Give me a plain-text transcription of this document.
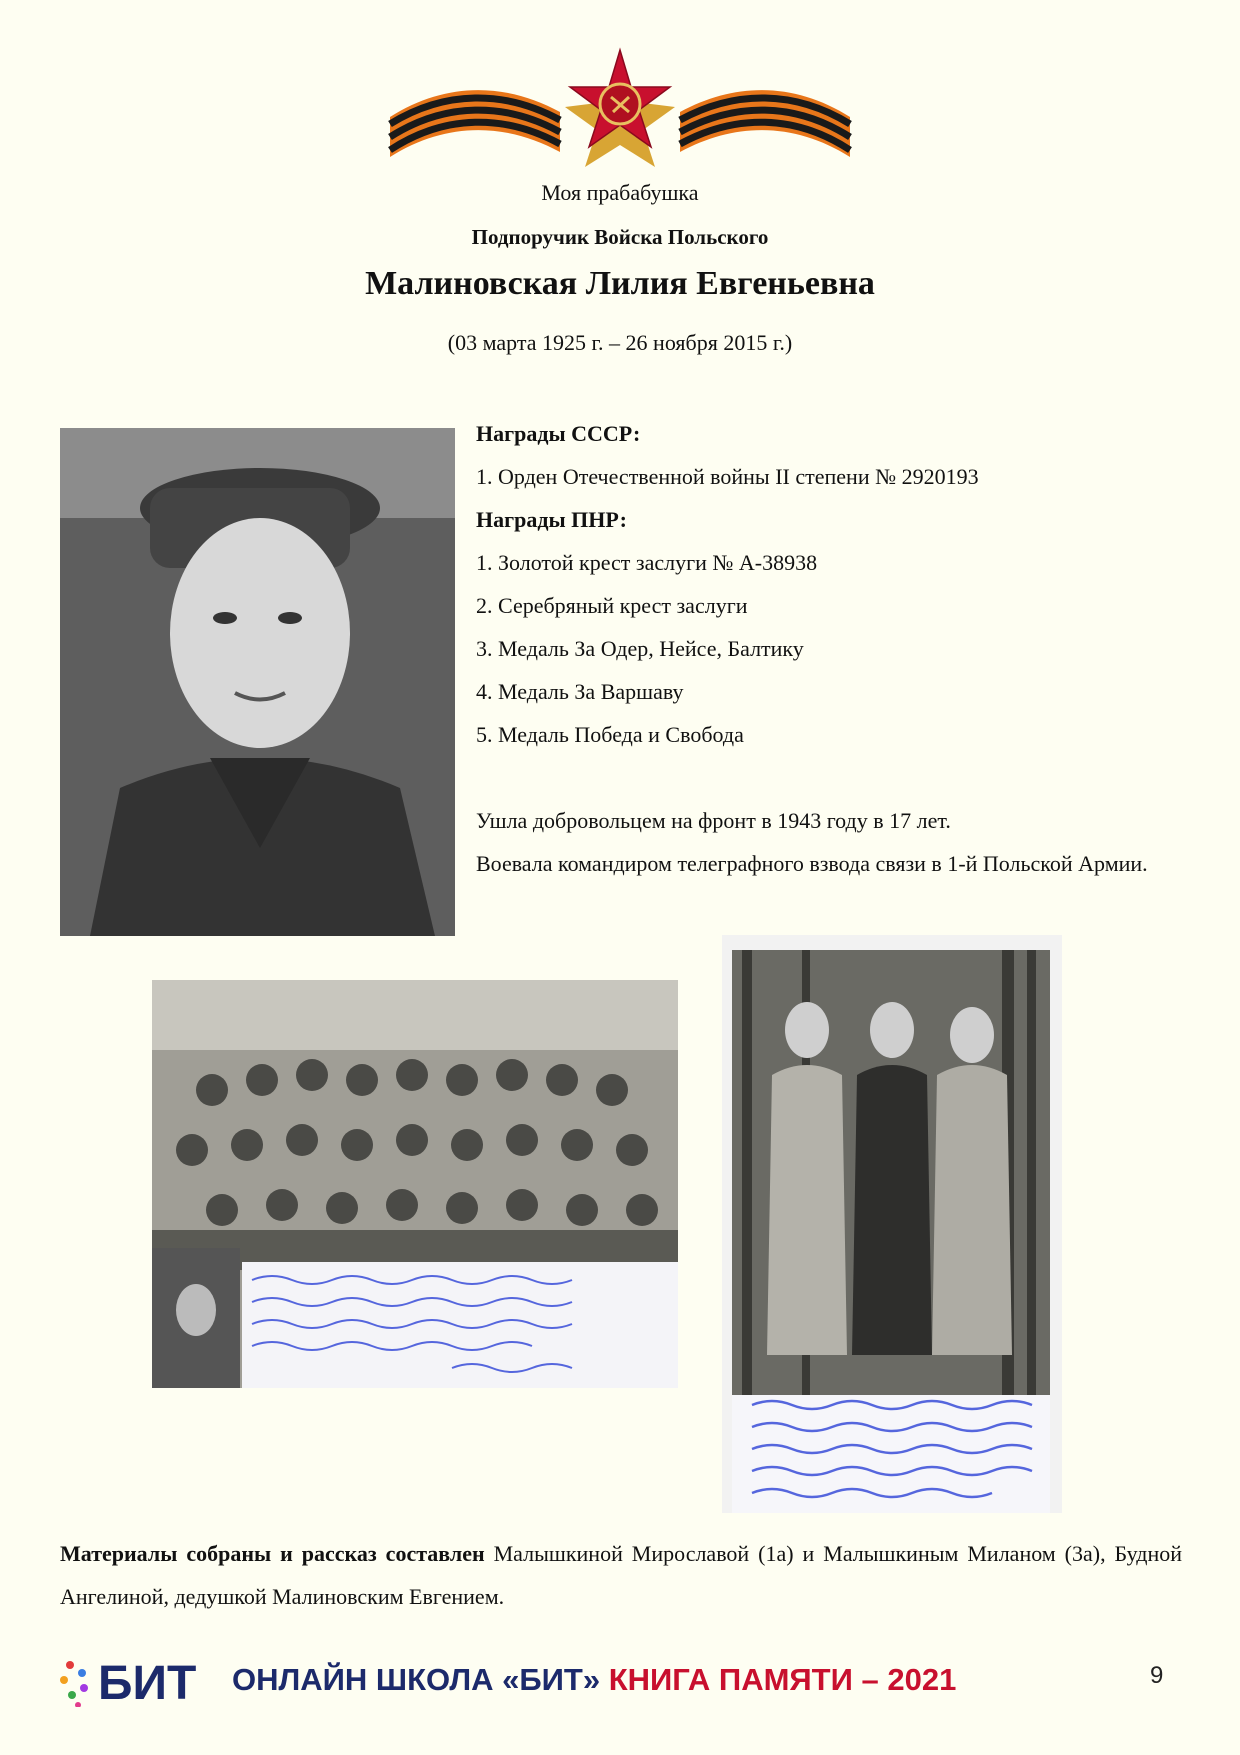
Моя прабабушка
Подпоручик Войска Польского
Малиновская Лилия Евгеньевна
(03 марта 1925 г. – 26 ноября 2015 г.)
Награды СССР:
1. Орден Отечественной войны II степени № 2920193
Награды ПНР:
1. Золотой крест заслуги № А-38938
2. Серебряный крест заслуги
3. Медаль За Одер, Нейсе, Балтику
4. Медаль За Варшаву
5. Медаль Победа и Свобода
Ушла добровольцем на фронт в 1943 году в 17 лет.
Воевала командиром телеграфного взвода связи в 1-й Польской Армии.
Материалы собраны и рассказ составлен Малышкиной Мирославой (1а) и Малышкиным Миланом (3а), Будной Ангелиной, дедушкой Малиновским Евгением.
БИТ ОНЛАЙН ШКОЛА «БИТ» КНИГА ПАМЯТИ – 2021	9
